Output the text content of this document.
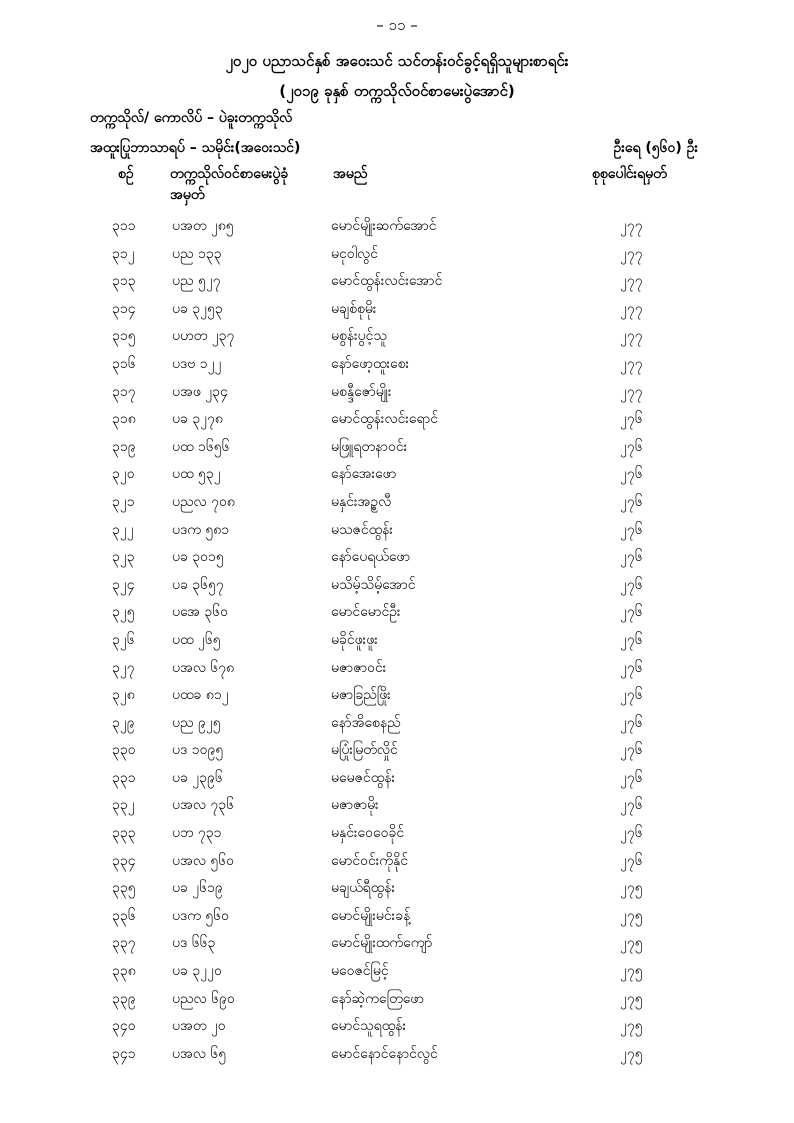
– ၁၁ –
၂၀၂၀ ပညာသင်နှစ် အဝေးသင် သင်တန်းဝင်ခွင့်ရရှိသူများစာရင်း
(၂၀၁၉ ခုနှစ် တက္ကသိုလ်ဝင်စာမေးပွဲအောင်)
တက္ကသိုလ်/ ကောလိပ် – ပဲခူးတက္ကသိုလ်
အထူးပြုဘာသာရပ် – သမိုင်း(အဝေးသင်)	ဦးရေ (၅၆၀) ဦး
စဉ်	တက္ကသိုလ်ဝင်စာမေးပွဲခုံအမှတ်
အမည်	စုစုပေါင်းရမှတ်
၃၁၁	ပအတ ၂၈၅	မောင်မျိုးဆက်အောင်	၂၇၇
၃၁၂	ပည ၁၃၃	မငုဝါလွင်	၂၇၇
၃၁၃	ပည ၅၂၇	မောင်ထွန်းလင်းအောင်	၂၇၇
၃၁၄	ပခ ၃၂၅၃	မချစ်စုမိုး	၂၇၇
၃၁၅	ပဟတ ၂၃၇	မစွန်းပွင့်သူ	၂၇၇
၃၁၆	ပဒဗ ၁၂၂	နော်ဖော့ထူးစေး	၂၇၇
၃၁၇	ပအဖ ၂၃၄	မစန္ဒီဇော်မျိုး	၂၇၇
၃၁၈	ပခ ၃၂၇၈	မောင်ထွန်းလင်းရောင်	၂၇၆
၃၁၉	ပထ ၁၆၅၆	မဖြူရတနာဝင်း	၂၇၆
၃၂၀	ပထ ၅၃၂	နော်အေးဖော	၂၇၆
၃၂၁	ပညလ ၇၀၈	မနှင်းအဥ္စလီ	၂၇၆
၃၂၂	ပဒက ၅၈၁	မသဇင်ထွန်း	၂၇၆
၃၂၃	ပခ ၃၀၁၅	နော်ပေရယ်ဖော	၂၇၆
၃၂၄	ပခ ၃၆၅၇	မသိမ့်သိမ့်အောင်	၂၇၆
၃၂၅	ပအေ ၃၆၀	မောင်မောင်ဦး	၂၇၆
၃၂၆	ပထ ၂၆၅	မခိုင်ဖူးဖူး	၂၇၆
၃၂၇	ပအလ ၆၇၈	မဇာဇာဝင်း	၂၇၆
၃၂၈	ပထခ ၈၁၂	မဇာခြည်ဖြိုး	၂၇၆
၃၂၉	ပည ၉၂၅	နော်အိစေနည်	၂၇၆
၃၃၀	ပဒ ၁၀၉၅	မပြုံးမြတ်လှိုင်	၂၇၆
၃၃၁	ပခ ၂၃၉၆	မမေဇင်ထွန်း	၂၇၆
၃၃၂	ပအလ ၇၃၆	မဇာဇာမိုး	၂၇၆
၃၃၃	ပဘ ၇၃၁	မနှင်းဝေဝေခိုင်	၂၇၆
၃၃၄	ပအလ ၅၆၀	မောင်ဝင်းကိုနိုင်	၂၇၆
၃၃၅	ပခ ၂၆၁၉	မချယ်ရီထွန်း	၂၇၅
၃၃၆	ပဒက ၅၆၀	မောင်မျိုးမင်းခန့်	၂၇၅
၃၃၇	ပဒ ၆၆၃	မောင်မျိုးထက်ကျော်	၂၇၅
၃၃၈	ပခ ၃၂၂၀	မဝေဇင်မြင့်	၂၇၅
၃၃၉	ပညလ ၆၉၀	နော်ဆဲ့ကတြေဖော	၂၇၅
၃၄၀	ပအတ ၂၀	မောင်သူရထွန်း	၂၇၅
၃၄၁	ပအလ ၆၅	မောင်နောင်နောင်လွင်	၂၇၅
